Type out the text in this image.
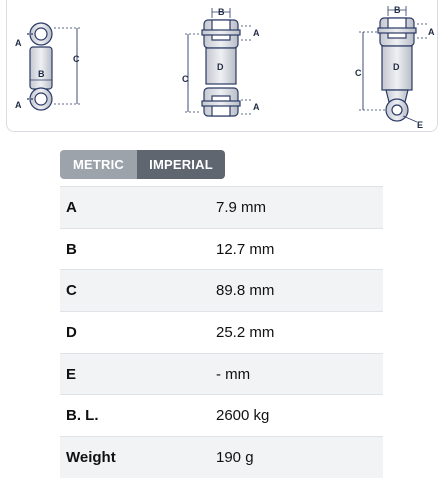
A
A
B
C
B
A
A
C
D
B
A
C
D
E
METRIC	IMPERIAL
A	7.9 mm
B	12.7 mm
C	89.8 mm
D	25.2 mm
E	- mm
B. L.	2600 kg
Weight	190 g
